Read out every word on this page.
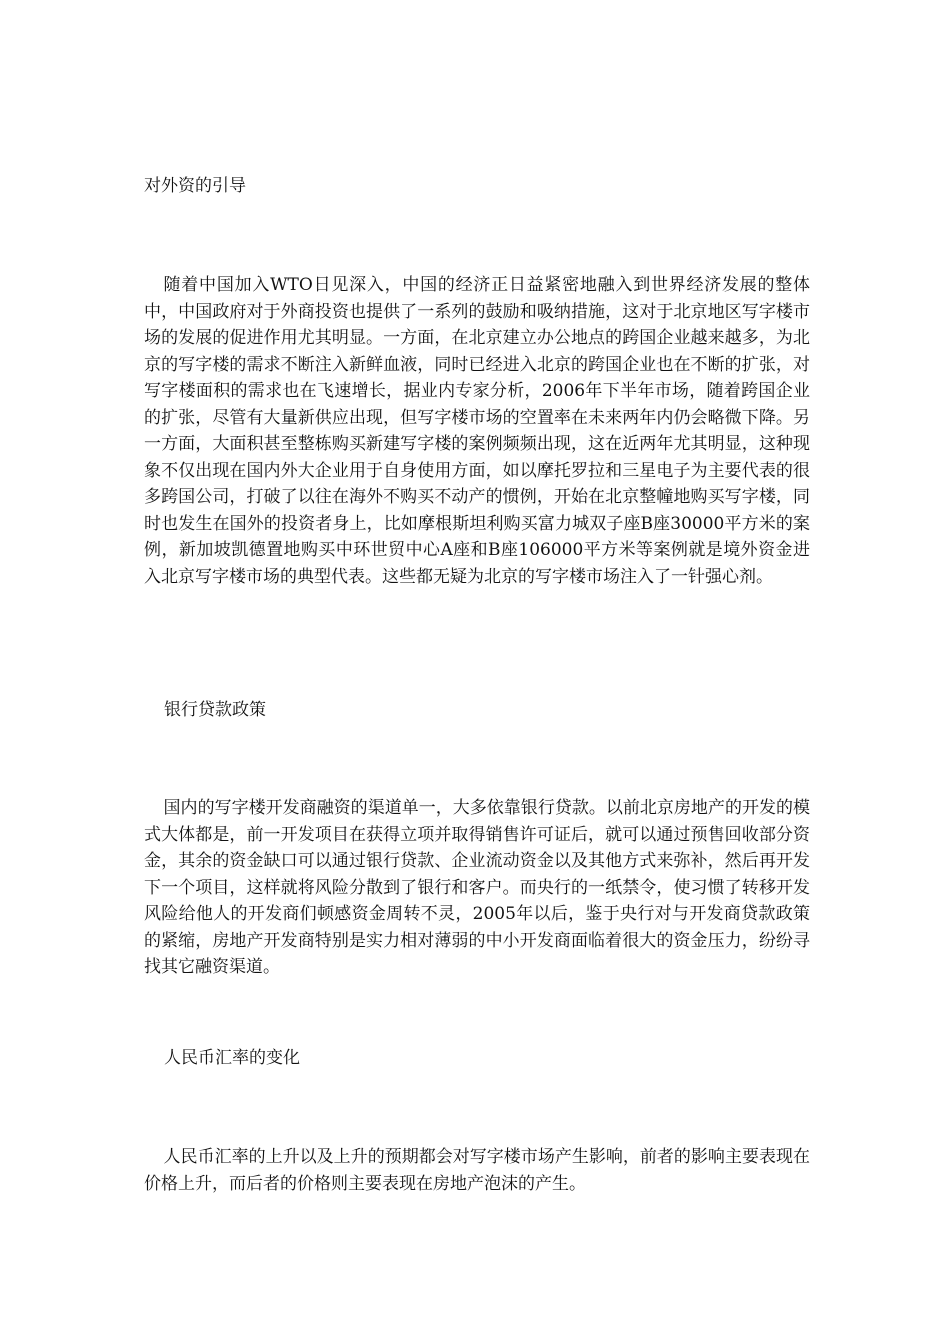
对外资的引导

随着中国加入WTO日见深入，中国的经济正日益紧密地融入到世界经济发展的整体中，中国政府对于外商投资也提供了一系列的鼓励和吸纳措施，这对于北京地区写字楼市场的发展的促进作用尤其明显。一方面，在北京建立办公地点的跨国企业越来越多，为北京的写字楼的需求不断注入新鲜血液，同时已经进入北京的跨国企业也在不断的扩张，对写字楼面积的需求也在飞速增长，据业内专家分析，2006年下半年市场，随着跨国企业的扩张，尽管有大量新供应出现，但写字楼市场的空置率在未来两年内仍会略微下降。另一方面，大面积甚至整栋购买新建写字楼的案例频频出现，这在近两年尤其明显，这种现象不仅出现在国内外大企业用于自身使用方面，如以摩托罗拉和三星电子为主要代表的很多跨国公司，打破了以往在海外不购买不动产的惯例，开始在北京整幢地购买写字楼，同时也发生在国外的投资者身上，比如摩根斯坦利购买富力城双子座B座30000平方米的案例，新加坡凯德置地购买中环世贸中心A座和B座106000平方米等案例就是境外资金进入北京写字楼市场的典型代表。这些都无疑为北京的写字楼市场注入了一针强心剂。

银行贷款政策

国内的写字楼开发商融资的渠道单一，大多依靠银行贷款。以前北京房地产的开发的模式大体都是，前一开发项目在获得立项并取得销售许可证后，就可以通过预售回收部分资金，其余的资金缺口可以通过银行贷款、企业流动资金以及其他方式来弥补，然后再开发下一个项目，这样就将风险分散到了银行和客户。而央行的一纸禁令，使习惯了转移开发风险给他人的开发商们顿感资金周转不灵，2005年以后，鉴于央行对与开发商贷款政策的紧缩，房地产开发商特别是实力相对薄弱的中小开发商面临着很大的资金压力，纷纷寻找其它融资渠道。

人民币汇率的变化

人民币汇率的上升以及上升的预期都会对写字楼市场产生影响，前者的影响主要表现在价格上升，而后者的价格则主要表现在房地产泡沫的产生。
